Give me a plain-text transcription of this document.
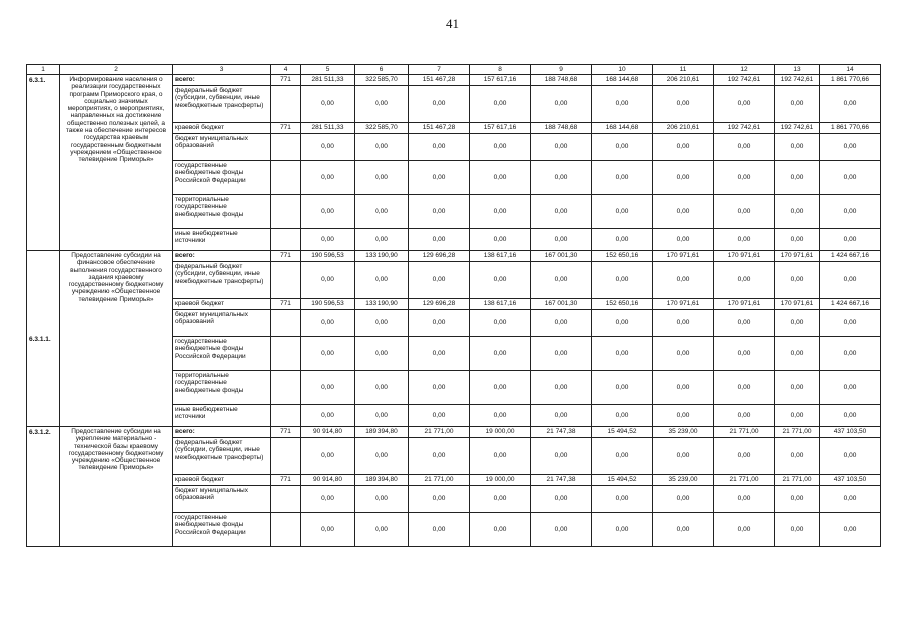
41
1	2	3	4	5	6	7	8	9	10	11	12	13	14
6.3.1.	Информирование населения о реализации государственных программ Приморского края, о социально значимых мероприятиях, о мероприятиях, направленных на достижение общественно полезных целей, а также на обеспечение интересов государства краевым государственным бюджетным учреждением «Общественное телевидение Приморья»	всего:	771	281 511,33	322 585,70	151 467,28	157 617,16	188 748,68	168 144,68	206 210,61	192 742,61	192 742,61	1 861 770,66
		федеральный бюджет (субсидии, субвенции, иные межбюджетные трансферты)		0,00	0,00	0,00	0,00	0,00	0,00	0,00	0,00	0,00	0,00
		краевой бюджет	771	281 511,33	322 585,70	151 467,28	157 617,16	188 748,68	168 144,68	206 210,61	192 742,61	192 742,61	1 861 770,66
		бюджет муниципальных образований		0,00	0,00	0,00	0,00	0,00	0,00	0,00	0,00	0,00	0,00
		государственные внебюджетные фонды Российской Федерации		0,00	0,00	0,00	0,00	0,00	0,00	0,00	0,00	0,00	0,00
		территориальные государственные внебюджетные фонды		0,00	0,00	0,00	0,00	0,00	0,00	0,00	0,00	0,00	0,00
		иные внебюджетные источники		0,00	0,00	0,00	0,00	0,00	0,00	0,00	0,00	0,00	0,00
6.3.1.1.	Предоставление субсидии на финансовое обеспечение выполнения государственного задания краевому государственному бюджетному учреждению «Общественное телевидение Приморья»	всего:	771	190 596,53	133 190,90	129 696,28	138 617,16	167 001,30	152 650,16	170 971,61	170 971,61	170 971,61	1 424 667,16
		федеральный бюджет (субсидии, субвенции, иные межбюджетные трансферты)		0,00	0,00	0,00	0,00	0,00	0,00	0,00	0,00	0,00	0,00
		краевой бюджет	771	190 596,53	133 190,90	129 696,28	138 617,16	167 001,30	152 650,16	170 971,61	170 971,61	170 971,61	1 424 667,16
		бюджет муниципальных образований		0,00	0,00	0,00	0,00	0,00	0,00	0,00	0,00	0,00	0,00
		государственные внебюджетные фонды Российской Федерации		0,00	0,00	0,00	0,00	0,00	0,00	0,00	0,00	0,00	0,00
		территориальные государственные внебюджетные фонды		0,00	0,00	0,00	0,00	0,00	0,00	0,00	0,00	0,00	0,00
		иные внебюджетные источники		0,00	0,00	0,00	0,00	0,00	0,00	0,00	0,00	0,00	0,00
6.3.1.2.	Предоставление субсидии на укрепление материально - технической базы краевому государственному бюджетному учреждению «Общественное телевидение Приморья»	всего:	771	90 914,80	189 394,80	21 771,00	19 000,00	21 747,38	15 494,52	35 239,00	21 771,00	21 771,00	437 103,50
		федеральный бюджет (субсидии, субвенции, иные межбюджетные трансферты)		0,00	0,00	0,00	0,00	0,00	0,00	0,00	0,00	0,00	0,00
		краевой бюджет	771	90 914,80	189 394,80	21 771,00	19 000,00	21 747,38	15 494,52	35 239,00	21 771,00	21 771,00	437 103,50
		бюджет муниципальных образований		0,00	0,00	0,00	0,00	0,00	0,00	0,00	0,00	0,00	0,00
		государственные внебюджетные фонды Российской Федерации		0,00	0,00	0,00	0,00	0,00	0,00	0,00	0,00	0,00	0,00
